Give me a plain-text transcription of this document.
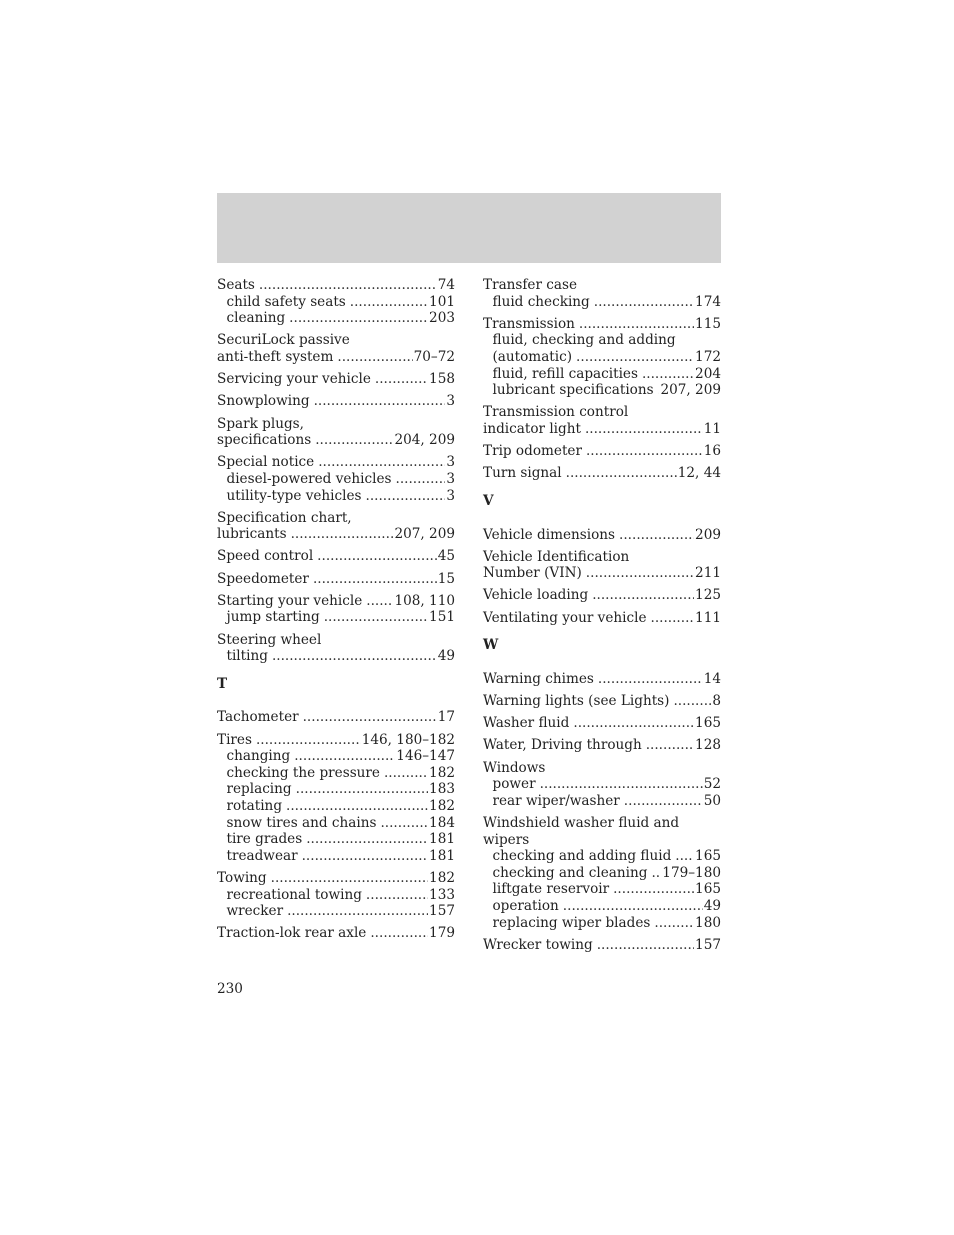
Seats .....	74
child safety seats .....	101
cleaning .....	203
SecuriLock passive
anti-theft system .....	70–72
Servicing your vehicle .....	158
Snowplowing .....	3
Spark plugs,
specifications .....	204, 209
Special notice .....	3
diesel-powered vehicles .....	3
utility-type vehicles .....	3
Specification chart,
lubricants .....	207, 209
Speed control .....	45
Speedometer .....	15
Starting your vehicle ..... 108, 110
jump starting .....	151
Steering wheel
tilting .....	49
T
Tachometer .....	17
Tires .....	146, 180–182
changing .....	146–147
checking the pressure .....	182
replacing .....	183
rotating .....	182
snow tires and chains .....	184
tire grades .....	181
treadwear .....	181
Towing .....	182
recreational towing .....	133
wrecker .....	157
Traction-lok rear axle .....	179
Transfer case
fluid checking .....	174
Transmission .....	115
fluid, checking and adding
(automatic) .....	172
fluid, refill capacities .....	204
lubricant specifications ..... 207, 209
Transmission control
indicator light .....	11
Trip odometer .....	16
Turn signal .....	12, 44
V
Vehicle dimensions .....	209
Vehicle Identification
Number (VIN) .....	211
Vehicle loading .....	125
Ventilating your vehicle .....	111
W
Warning chimes .....	14
Warning lights (see Lights) .....	8
Washer fluid .....	165
Water, Driving through .....	128
Windows
power .....	52
rear wiper/washer .....	50
Windshield washer fluid and
wipers
checking and adding fluid ..... 165
checking and cleaning ..... 179–180
liftgate reservoir .....	165
operation .....	49
replacing wiper blades .....	180
Wrecker towing .....	157
230
